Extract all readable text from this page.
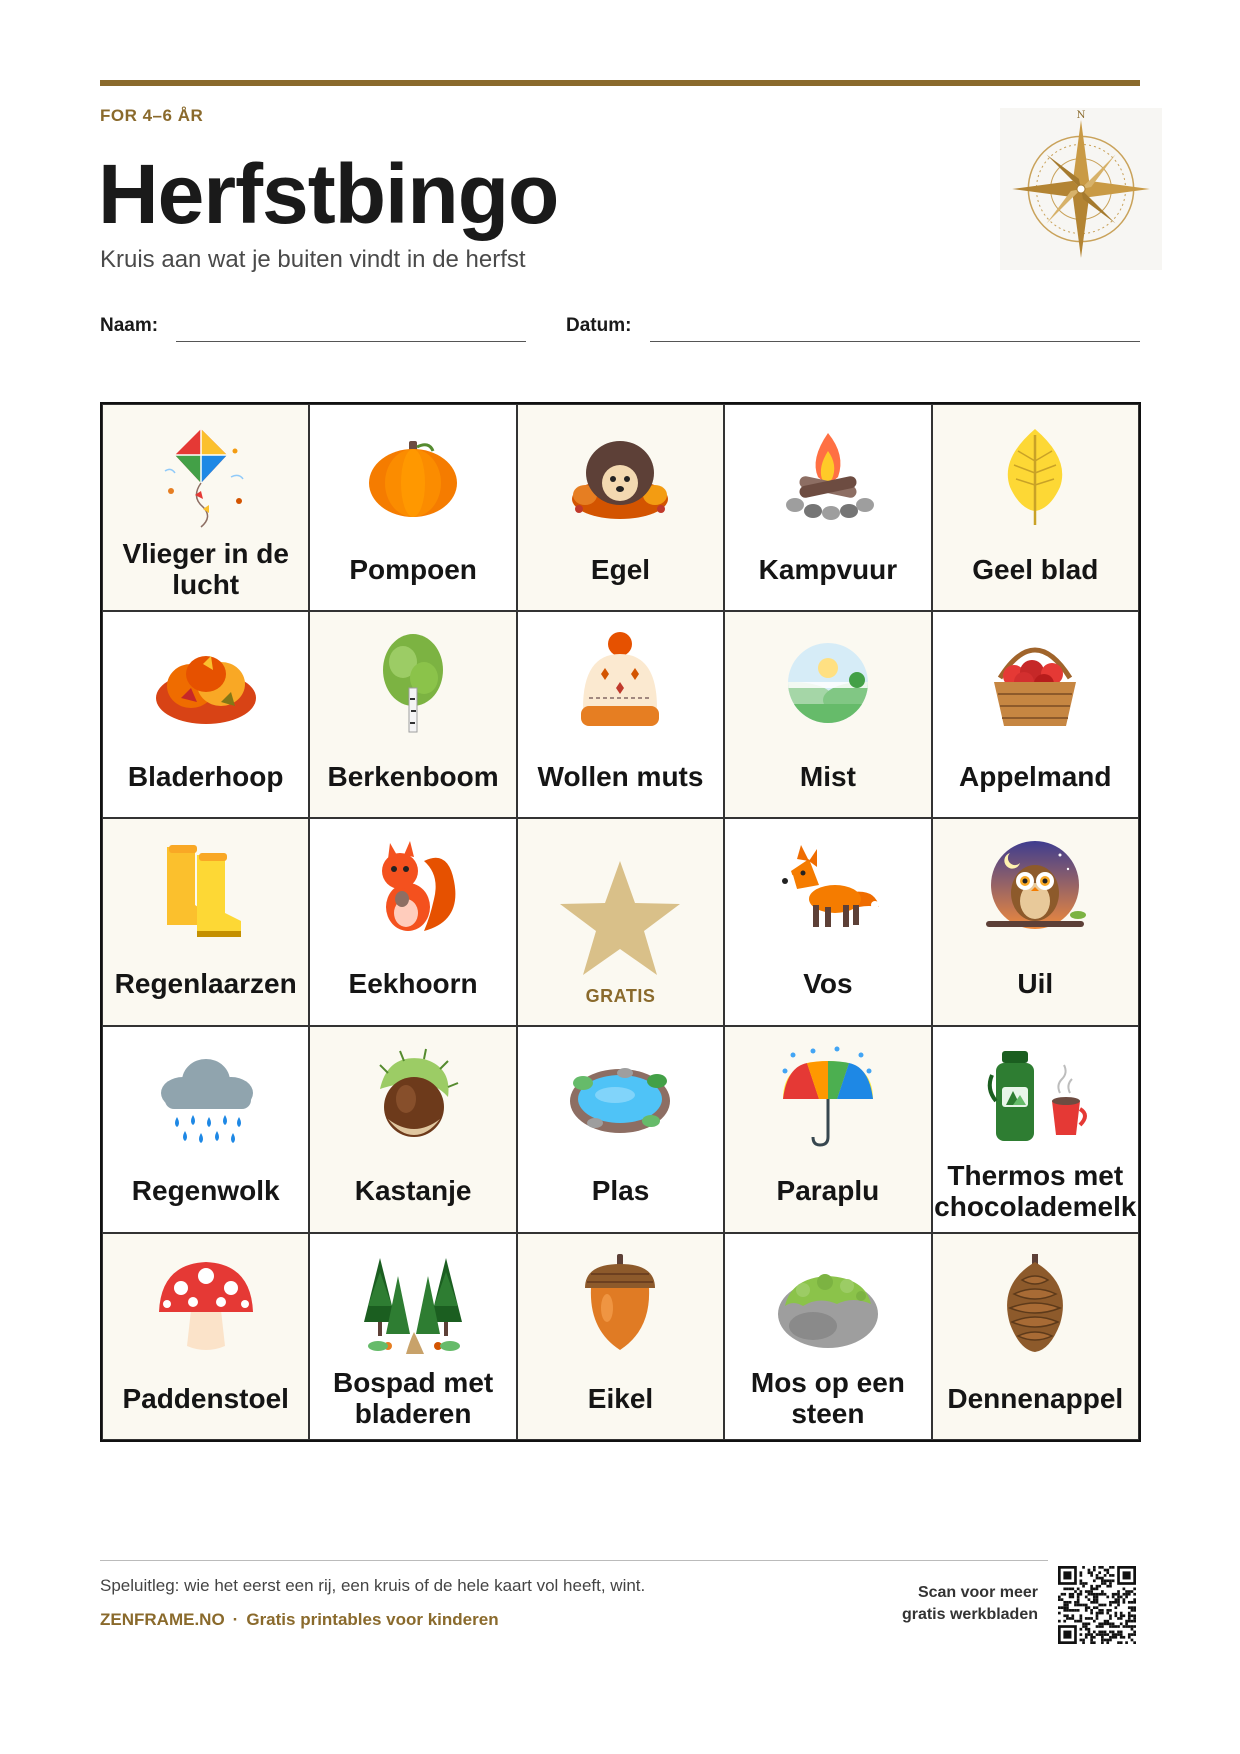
FOR 4–6 ÅR
Herfstbingo
Kruis aan wat je buiten vindt in de herfst
N
Naam:	Datum:
Vlieger in de lucht	Pompoen	Egel	Kampvuur	Geel blad
Bladerhoop	Berkenboom	Wollen muts	Mist	Appelmand
Regenlaarzen	Eekhoorn	GRATIS	Vos	Uil
Regenwolk	Kastanje	Plas	Paraplu	Thermos met chocolademelk
Paddenstoel	Bospad met bladeren	Eikel	Mos op een steen	Dennenappel
Speluitleg: wie het eerst een rij, een kruis of de hele kaart vol heeft, wint.
ZENFRAME.NO · Gratis printables voor kinderen
Scan voor meer
gratis werkbladen
